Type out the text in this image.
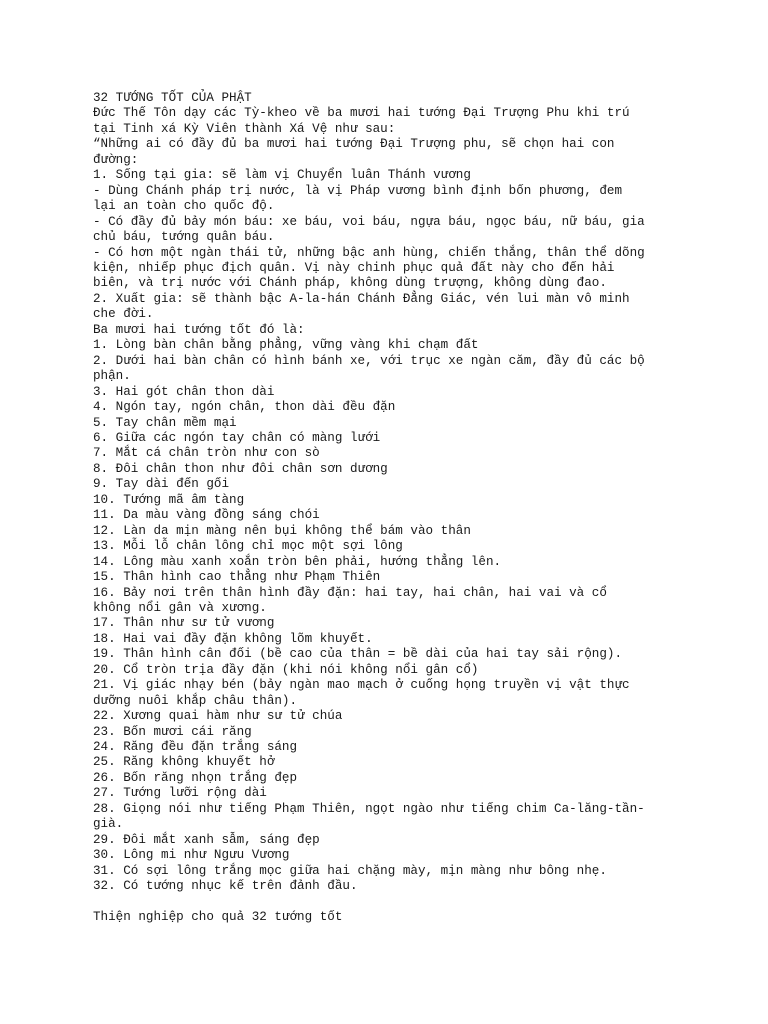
32 TƯỚNG TỐT CỦA PHẬT
Đức Thế Tôn dạy các Tỳ-kheo về ba mươi hai tướng Đại Trượng Phu khi trú
tại Tinh xá Kỳ Viên thành Xá Vệ như sau:
“Những ai có đầy đủ ba mươi hai tướng Đại Trượng phu, sẽ chọn hai con
đường:
1. Sống tại gia: sẽ làm vị Chuyển luân Thánh vương
- Dùng Chánh pháp trị nước, là vị Pháp vương bình định bốn phương, đem
lại an toàn cho quốc độ.
- Có đầy đủ bảy món báu: xe báu, voi báu, ngựa báu, ngọc báu, nữ báu, gia
chủ báu, tướng quân báu.
- Có hơn một ngàn thái tử, những bậc anh hùng, chiến thắng, thân thể dõng
kiện, nhiếp phục địch quân. Vị này chinh phục quả đất này cho đến hải
biên, và trị nước với Chánh pháp, không dùng trượng, không dùng đao.
2. Xuất gia: sẽ thành bậc A-la-hán Chánh Đẳng Giác, vén lui màn vô minh
che đời.
Ba mươi hai tướng tốt đó là:
1. Lòng bàn chân bằng phẳng, vững vàng khi chạm đất
2. Dưới hai bàn chân có hình bánh xe, với trục xe ngàn căm, đầy đủ các bộ
phận.
3. Hai gót chân thon dài
4. Ngón tay, ngón chân, thon dài đều đặn
5. Tay chân mềm mại
6. Giữa các ngón tay chân có màng lưới
7. Mắt cá chân tròn như con sò
8. Đôi chân thon như đôi chân sơn dương
9. Tay dài đến gối
10. Tướng mã âm tàng
11. Da màu vàng đồng sáng chói
12. Làn da mịn màng nên bụi không thể bám vào thân
13. Mỗi lỗ chân lông chỉ mọc một sợi lông
14. Lông màu xanh xoắn tròn bên phải, hướng thẳng lên.
15. Thân hình cao thẳng như Phạm Thiên
16. Bảy nơi trên thân hình đầy đặn: hai tay, hai chân, hai vai và cổ
không nổi gân và xương.
17. Thân như sư tử vương
18. Hai vai đầy đặn không lõm khuyết.
19. Thân hình cân đối (bề cao của thân = bề dài của hai tay sải rộng).
20. Cổ tròn trịa đầy đặn (khi nói không nổi gân cổ)
21. Vị giác nhạy bén (bảy ngàn mao mạch ở cuống họng truyền vị vật thực
dưỡng nuôi khắp châu thân).
22. Xương quai hàm như sư tử chúa
23. Bốn mươi cái răng
24. Răng đều đặn trắng sáng
25. Răng không khuyết hở
26. Bốn răng nhọn trắng đẹp
27. Tướng lưỡi rộng dài
28. Giọng nói như tiếng Phạm Thiên, ngọt ngào như tiếng chim Ca-lăng-tần-
già.
29. Đôi mắt xanh sẫm, sáng đẹp
30. Lông mi như Ngưu Vương
31. Có sợi lông trắng mọc giữa hai chặng mày, mịn màng như bông nhẹ.
32. Có tướng nhục kế trên đảnh đầu.
Thiện nghiệp cho quả 32 tướng tốt
